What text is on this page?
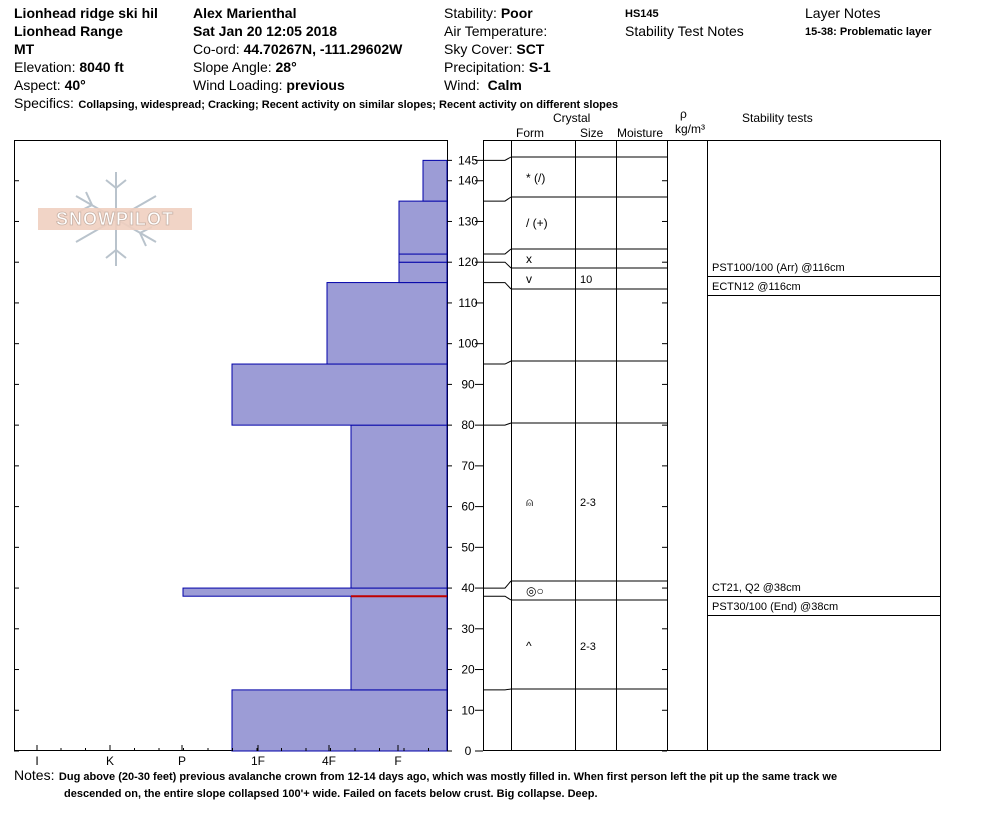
Lionhead ridge ski hil
Lionhead Range
MT
Elevation: 8040 ft
Aspect: 40°
Alex Marienthal
Sat Jan 20 12:05 2018
Co-ord: 44.70267N, -111.29602W
Slope Angle: 28°
Wind Loading: previous
Stability: Poor
Air Temperature:
Sky Cover: SCT
Precipitation: S-1
Wind: Calm
HS145
Stability Test Notes
Layer Notes
15-38: Problematic layer
Specifics: Collapsing, widespread; Cracking; Recent activity on similar slopes; Recent activity on different slopes
Crystal	ρ
Form	Size Moisture kg/m³
Stability tests
SNOWPILOT
I	K	P	1F	4F	F
0
10
20
30
40
50
60
70
80
90
100
110
120
130
140
145
* (/)
/ (+)
x
v	10
⍝	2-3
◎○
^	2-3
PST100/100 (Arr) @116cm
ECTN12 @116cm
CT21, Q2 @38cm
PST30/100 (End) @38cm
Notes: Dug above (20-30 feet) previous avalanche crown from 12-14 days ago, which was mostly filled in. When first person left the pit up the same track we
descended on, the entire slope collapsed 100'+ wide. Failed on facets below crust. Big collapse. Deep.
